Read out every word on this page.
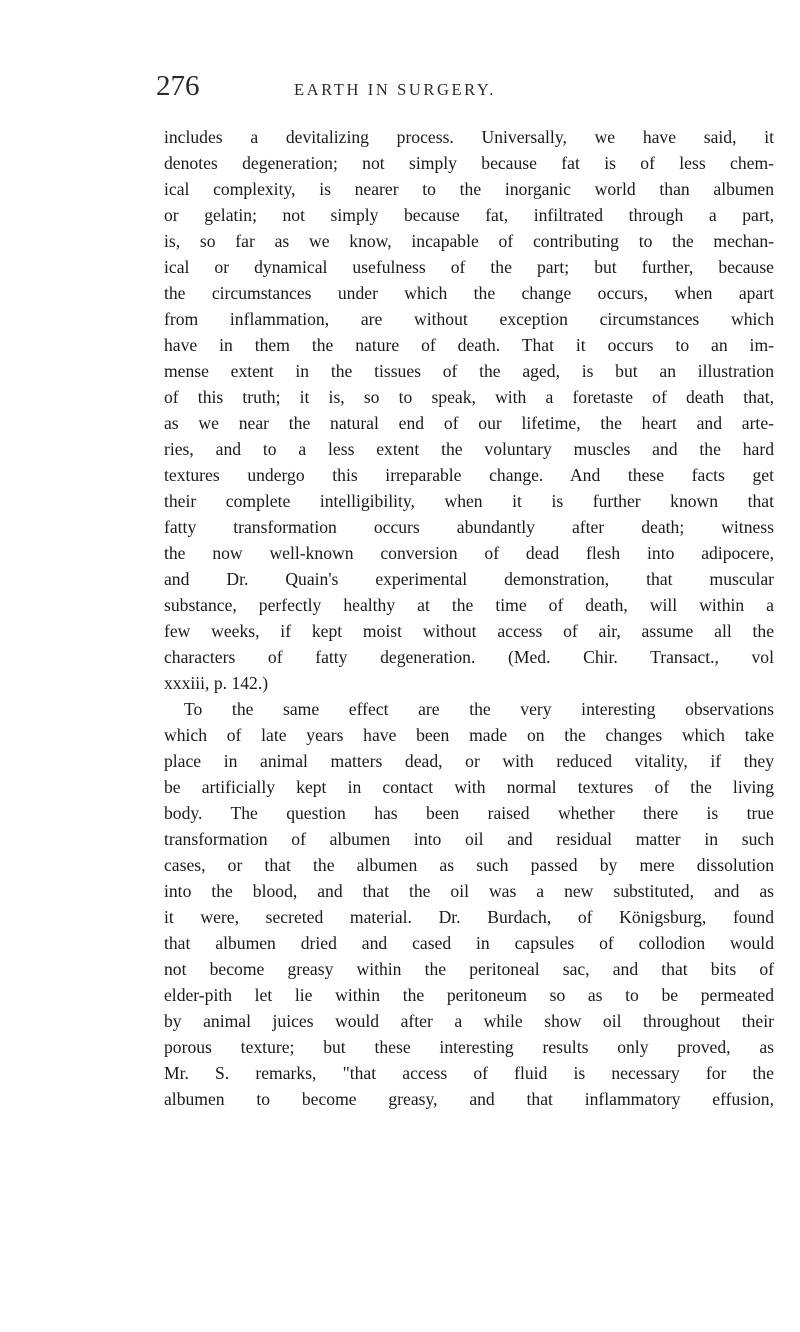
276	EARTH IN SURGERY.
includes a devitalizing process. Universally, we have said, it
denotes degeneration; not simply because fat is of less chem-
ical complexity, is nearer to the inorganic world than albumen
or gelatin; not simply because fat, infiltrated through a part,
is, so far as we know, incapable of contributing to the mechan-
ical or dynamical usefulness of the part; but further, because
the circumstances under which the change occurs, when apart
from inflammation, are without exception circumstances which
have in them the nature of death. That it occurs to an im-
mense extent in the tissues of the aged, is but an illustration
of this truth; it is, so to speak, with a foretaste of death that,
as we near the natural end of our lifetime, the heart and arte-
ries, and to a less extent the voluntary muscles and the hard
textures undergo this irreparable change. And these facts get
their complete intelligibility, when it is further known that
fatty transformation occurs abundantly after death; witness
the now well-known conversion of dead flesh into adipocere,
and Dr. Quain's experimental demonstration, that muscular
substance, perfectly healthy at the time of death, will within a
few weeks, if kept moist without access of air, assume all the
characters of fatty degeneration. (Med. Chir. Transact., vol
xxxiii, p. 142.)
To the same effect are the very interesting observations
which of late years have been made on the changes which take
place in animal matters dead, or with reduced vitality, if they
be artificially kept in contact with normal textures of the living
body. The question has been raised whether there is true
transformation of albumen into oil and residual matter in such
cases, or that the albumen as such passed by mere dissolution
into the blood, and that the oil was a new substituted, and as
it were, secreted material. Dr. Burdach, of Königsburg, found
that albumen dried and cased in capsules of collodion would
not become greasy within the peritoneal sac, and that bits of
elder-pith let lie within the peritoneum so as to be permeated
by animal juices would after a while show oil throughout their
porous texture; but these interesting results only proved, as
Mr. S. remarks, "that access of fluid is necessary for the
albumen to become greasy, and that inflammatory effusion,
